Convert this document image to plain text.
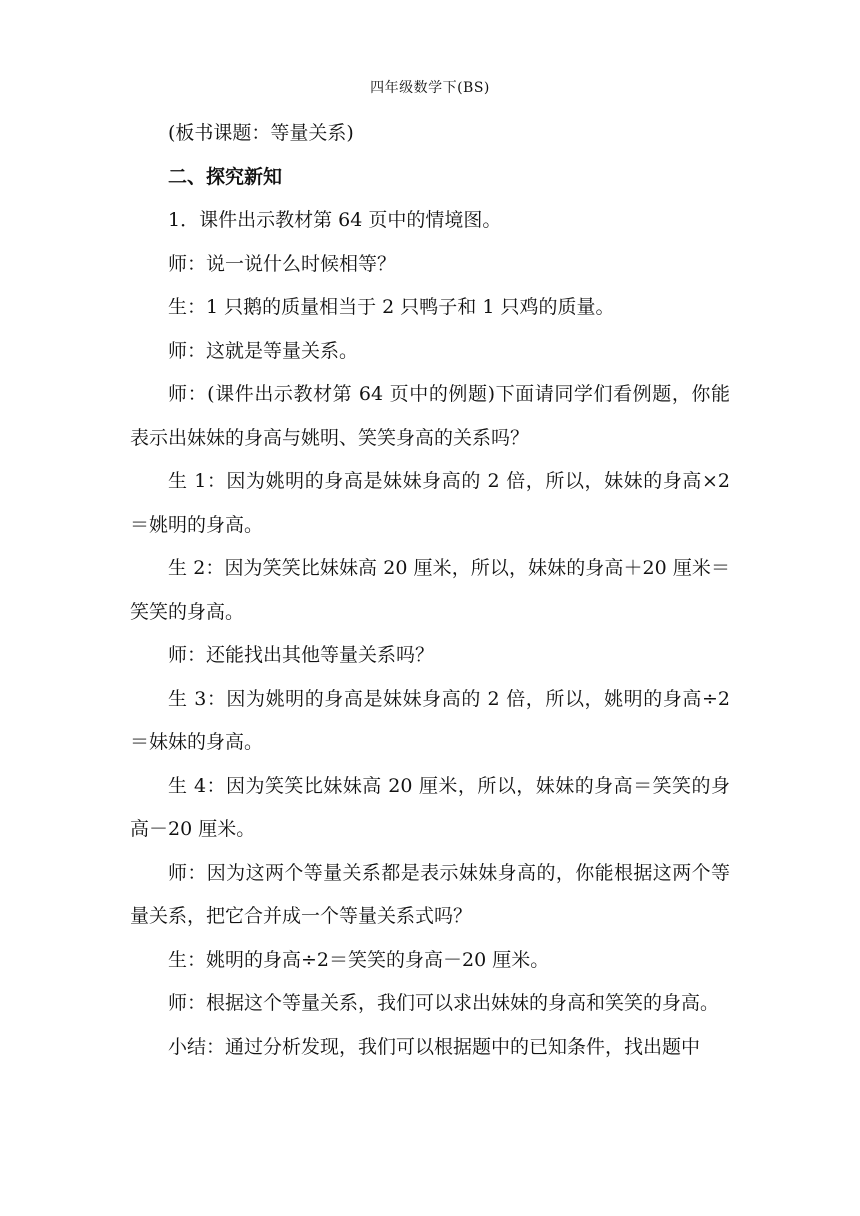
四年级数学下(BS)

(板书课题：等量关系)

二、探究新知

1．课件出示教材第 64 页中的情境图。

师：说一说什么时候相等？

生：1 只鹅的质量相当于 2 只鸭子和 1 只鸡的质量。

师：这就是等量关系。

师：(课件出示教材第 64 页中的例题)下面请同学们看例题，你能表示出妹妹的身高与姚明、笑笑身高的关系吗？

生 1：因为姚明的身高是妹妹身高的 2 倍，所以，妹妹的身高×2＝姚明的身高。

生 2：因为笑笑比妹妹高 20 厘米，所以，妹妹的身高＋20 厘米＝笑笑的身高。

师：还能找出其他等量关系吗？

生 3：因为姚明的身高是妹妹身高的 2 倍，所以，姚明的身高÷2＝妹妹的身高。

生 4：因为笑笑比妹妹高 20 厘米，所以，妹妹的身高＝笑笑的身高－20 厘米。

师：因为这两个等量关系都是表示妹妹身高的，你能根据这两个等量关系，把它合并成一个等量关系式吗？

生：姚明的身高÷2＝笑笑的身高－20 厘米。

师：根据这个等量关系，我们可以求出妹妹的身高和笑笑的身高。

小结：通过分析发现，我们可以根据题中的已知条件，找出题中
